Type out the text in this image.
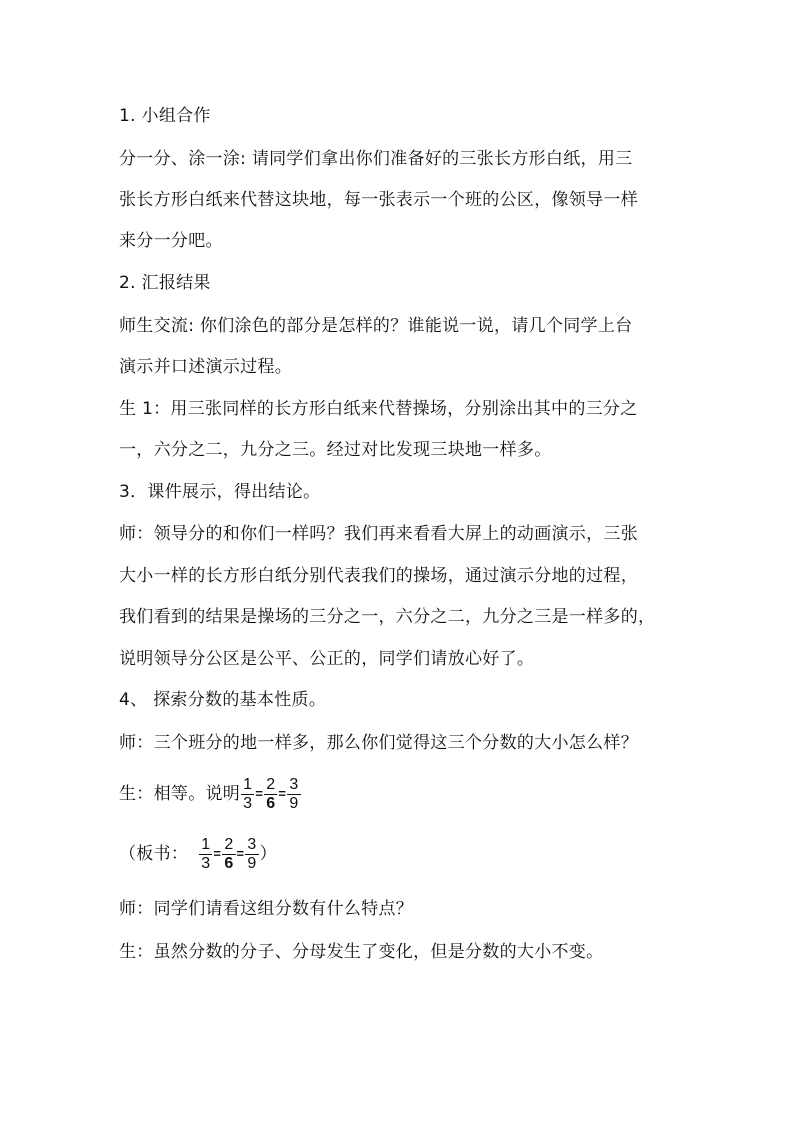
1. 小组合作
分一分、涂一涂: 请同学们拿出你们准备好的三张长方形白纸，用三
张长方形白纸来代替这块地，每一张表示一个班的公区，像领导一样
来分一分吧。
2. 汇报结果
师生交流: 你们涂色的部分是怎样的？谁能说一说，请几个同学上台
演示并口述演示过程。
生 1：用三张同样的长方形白纸来代替操场，分别涂出其中的三分之
一，六分之二，九分之三。经过对比发现三块地一样多。
3．课件展示，得出结论。
师：领导分的和你们一样吗？我们再来看看大屏上的动画演示，三张
大小一样的长方形白纸分别代表我们的操场，通过演示分地的过程，
我们看到的结果是操场的三分之一，六分之二，九分之三是一样多的，
说明领导分公区是公平、公正的，同学们请放心好了。
4、 探索分数的基本性质。
师：三个班分的地一样多，那么你们觉得这三个分数的大小怎么样？
生：相等。说明 $\frac{1}{3} = \frac{2}{6} = \frac{3}{9}$
（板书： $\frac{1}{3} = \frac{2}{6} = \frac{3}{9}$ ）
师：同学们请看这组分数有什么特点？
生：虽然分数的分子、分母发生了变化，但是分数的大小不变。
